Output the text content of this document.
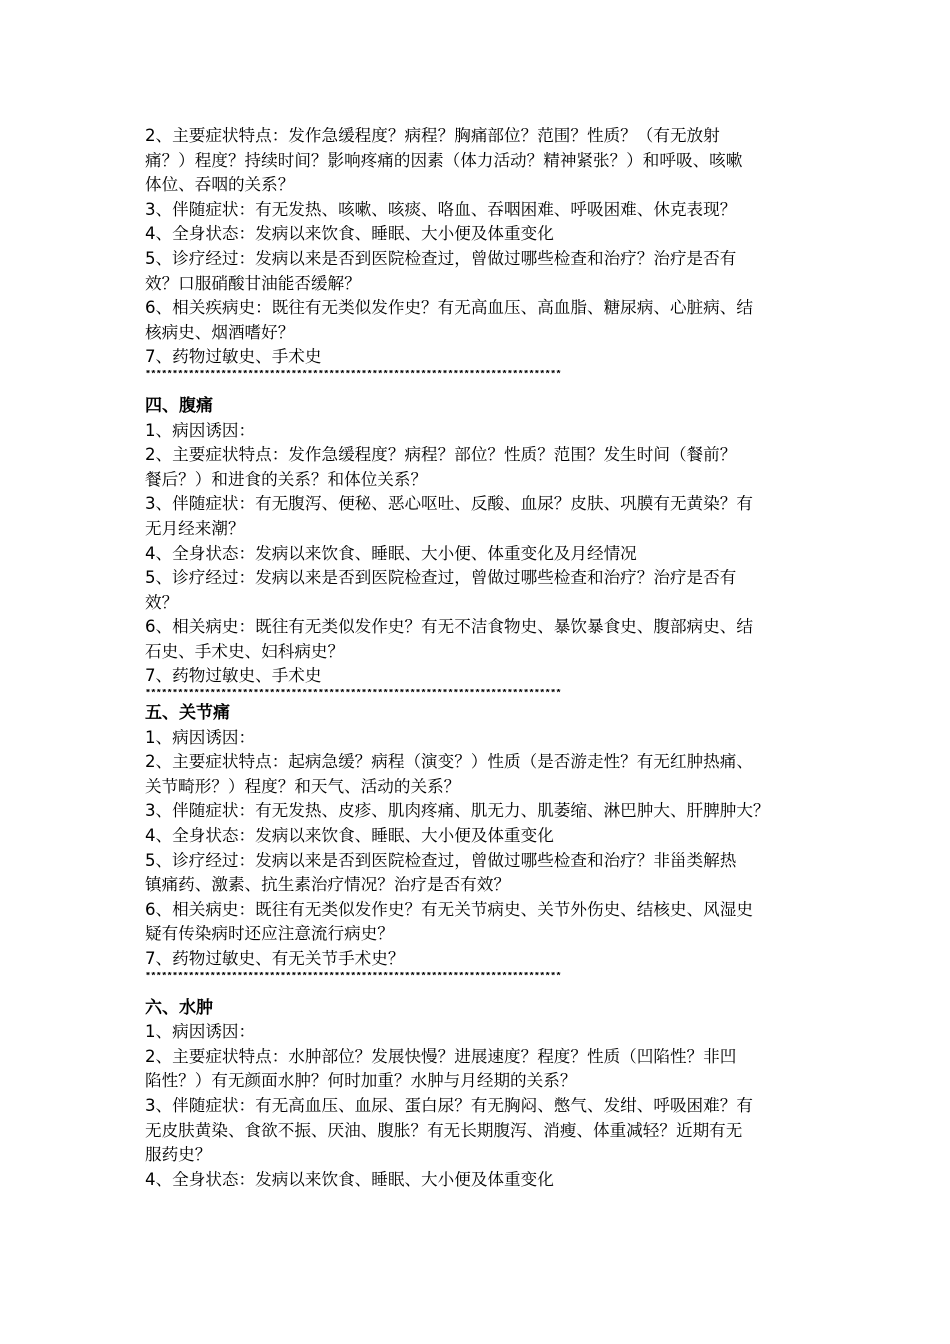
2、主要症状特点：发作急缓程度？病程？胸痛部位？范围？性质？（有无放射

痛？）程度？持续时间？影响疼痛的因素（体力活动？精神紧张？）和呼吸、咳嗽

体位、吞咽的关系？

3、伴随症状：有无发热、咳嗽、咳痰、咯血、吞咽困难、呼吸困难、休克表现？

4、全身状态：发病以来饮食、睡眠、大小便及体重变化

5、诊疗经过：发病以来是否到医院检查过，曾做过哪些检查和治疗？治疗是否有

效？口服硝酸甘油能否缓解？

6、相关疾病史：既往有无类似发作史？有无高血压、高血脂、糖尿病、心脏病、结

核病史、烟酒嗜好？

7、药物过敏史、手术史

*****************************************************************************

四、腹痛

1、病因诱因：

2、主要症状特点：发作急缓程度？病程？部位？性质？范围？发生时间（餐前？

餐后？）和进食的关系？和体位关系？

3、伴随症状：有无腹泻、便秘、恶心呕吐、反酸、血尿？皮肤、巩膜有无黄染？有

无月经来潮？

4、全身状态：发病以来饮食、睡眠、大小便、体重变化及月经情况

5、诊疗经过：发病以来是否到医院检查过，曾做过哪些检查和治疗？治疗是否有

效？

6、相关病史：既往有无类似发作史？有无不洁食物史、暴饮暴食史、腹部病史、结

石史、手术史、妇科病史？

7、药物过敏史、手术史

*****************************************************************************

五、关节痛

1、病因诱因：

2、主要症状特点：起病急缓？病程（演变？）性质（是否游走性？有无红肿热痛、

关节畸形？）程度？和天气、活动的关系？

3、伴随症状：有无发热、皮疹、肌肉疼痛、肌无力、肌萎缩、淋巴肿大、肝脾肿大？

4、全身状态：发病以来饮食、睡眠、大小便及体重变化

5、诊疗经过：发病以来是否到医院检查过，曾做过哪些检查和治疗？非甾类解热

镇痛药、激素、抗生素治疗情况？治疗是否有效？

6、相关病史：既往有无类似发作史？有无关节病史、关节外伤史、结核史、风湿史

疑有传染病时还应注意流行病史？

7、药物过敏史、有无关节手术史？

*****************************************************************************

六、水肿

1、病因诱因：

2、主要症状特点：水肿部位？发展快慢？进展速度？程度？性质（凹陷性？非凹

陷性？）有无颜面水肿？何时加重？水肿与月经期的关系？

3、伴随症状：有无高血压、血尿、蛋白尿？有无胸闷、憋气、发绀、呼吸困难？有

无皮肤黄染、食欲不振、厌油、腹胀？有无长期腹泻、消瘦、体重减轻？近期有无

服药史？

4、全身状态：发病以来饮食、睡眠、大小便及体重变化
